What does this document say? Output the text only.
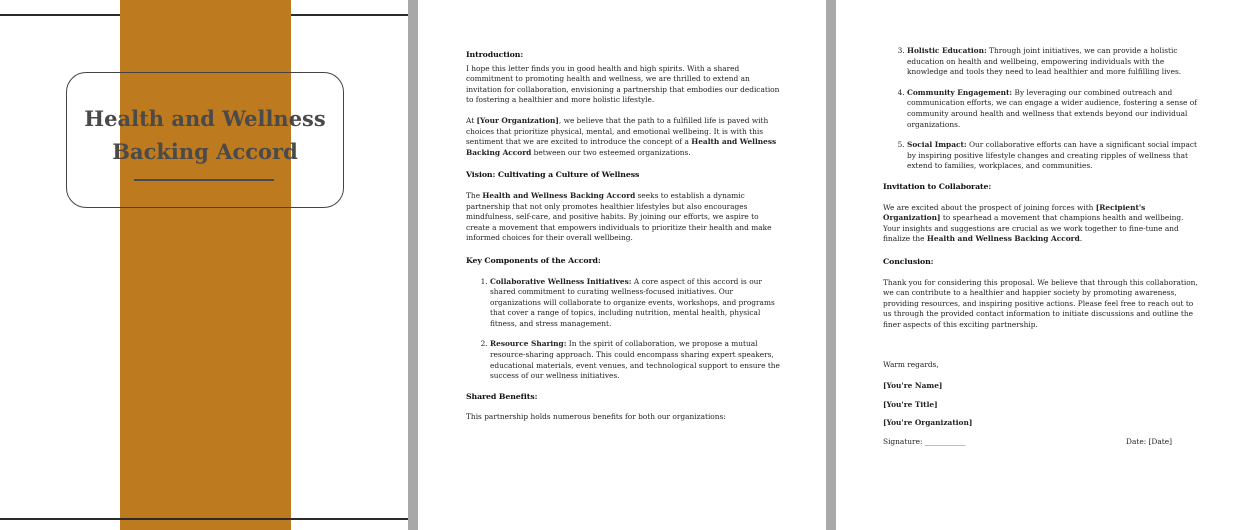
Health and Wellness
Backing Accord
Introduction:
I hope this letter finds you in good health and high spirits. With a shared commitment to promoting health and wellness, we are thrilled to extend an invitation for collaboration, envisioning a partnership that embodies our dedication to fostering a healthier and more holistic lifestyle.
At [Your Organization], we believe that the path to a fulfilled life is paved with choices that prioritize physical, mental, and emotional wellbeing. It is with this sentiment that we are excited to introduce the concept of a Health and Wellness Backing Accord between our two esteemed organizations.
Vision: Cultivating a Culture of Wellness
The Health and Wellness Backing Accord seeks to establish a dynamic partnership that not only promotes healthier lifestyles but also encourages mindfulness, self-care, and positive habits. By joining our efforts, we aspire to create a movement that empowers individuals to prioritize their health and make informed choices for their overall wellbeing.
Key Components of the Accord:
1. Collaborative Wellness Initiatives: A core aspect of this accord is our shared commitment to curating wellness-focused initiatives. Our organizations will collaborate to organize events, workshops, and programs that cover a range of topics, including nutrition, mental health, physical fitness, and stress management.
2. Resource Sharing: In the spirit of collaboration, we propose a mutual resource-sharing approach. This could encompass sharing expert speakers, educational materials, event venues, and technological support to ensure the success of our wellness initiatives.
Shared Benefits:
This partnership holds numerous benefits for both our organizations:
3. Holistic Education: Through joint initiatives, we can provide a holistic education on health and wellbeing, empowering individuals with the knowledge and tools they need to lead healthier and more fulfilling lives.
4. Community Engagement: By leveraging our combined outreach and communication efforts, we can engage a wider audience, fostering a sense of community around health and wellness that extends beyond our individual organizations.
5. Social Impact: Our collaborative efforts can have a significant social impact by inspiring positive lifestyle changes and creating ripples of wellness that extend to families, workplaces, and communities.
Invitation to Collaborate:
We are excited about the prospect of joining forces with [Recipient's Organization] to spearhead a movement that champions health and wellbeing. Your insights and suggestions are crucial as we work together to fine-tune and finalize the Health and Wellness Backing Accord.
Conclusion:
Thank you for considering this proposal. We believe that through this collaboration, we can contribute to a healthier and happier society by promoting awareness, providing resources, and inspiring positive actions. Please feel free to reach out to us through the provided contact information to initiate discussions and outline the finer aspects of this exciting partnership.
Warm regards,
[You're Name]
[You're Title]
[You're Organization]
Signature: ___________	Date: [Date]
